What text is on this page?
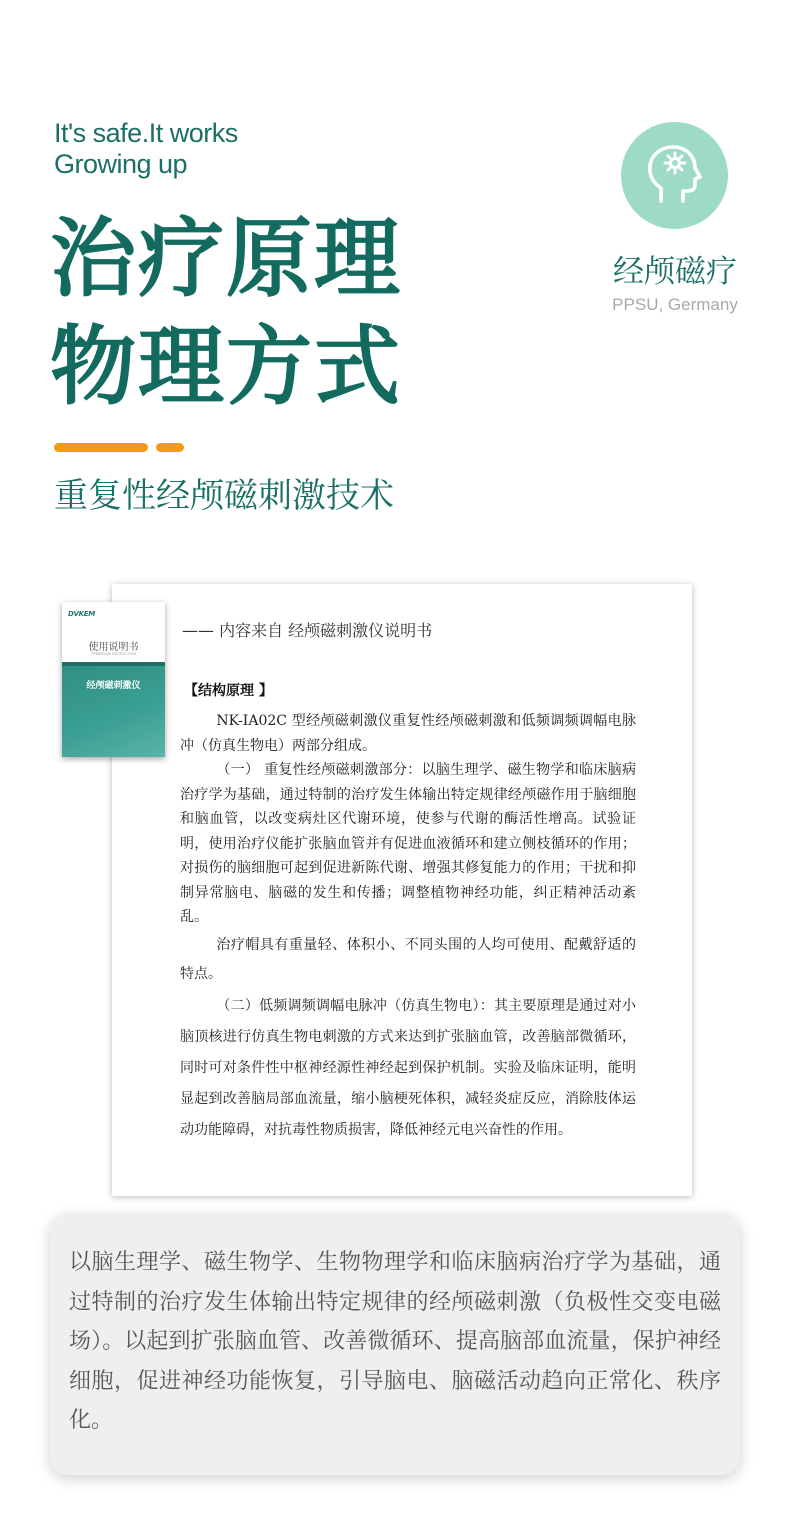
It's safe.It works
Growing up
治疗原理
物理方式
重复性经颅磁刺激技术
经颅磁疗
PPSU, Germany
—— 内容来自 经颅磁刺激仪说明书
【结构原理 】

NK-IA02C 型经颅磁刺激仪重复性经颅磁刺激和低频调频调幅电脉冲（仿真生物电）两部分组成。

（一） 重复性经颅磁刺激部分：以脑生理学、磁生物学和临床脑病治疗学为基础，通过特制的治疗发生体输出特定规律经颅磁作用于脑细胞和脑血管，以改变病灶区代谢环境，使参与代谢的酶活性增高。试验证明，使用治疗仪能扩张脑血管并有促进血液循环和建立侧枝循环的作用；对损伤的脑细胞可起到促进新陈代谢、增强其修复能力的作用；干扰和抑制异常脑电、脑磁的发生和传播；调整植物神经功能，纠正精神活动紊乱。

治疗帽具有重量轻、体积小、不同头围的人均可使用、配戴舒适的特点。

（二）低频调频调幅电脉冲（仿真生物电）：其主要原理是通过对小脑顶核进行仿真生物电刺激的方式来达到扩张脑血管，改善脑部微循环，同时可对条件性中枢神经源性神经起到保护机制。实验及临床证明，能明显起到改善脑局部血流量，缩小脑梗死体积，减轻炎症反应，消除肢体运动功能障碍，对抗毒性物质损害，降低神经元电兴奋性的作用。

DVKEM
使用说明书
OPERATION INSTRUCTION
经颅磁刺激仪
以脑生理学、磁生物学、生物物理学和临床脑病治疗学为基础，通过特制的治疗发生体输出特定规律的经颅磁刺激（负极性交变电磁场）。以起到扩张脑血管、改善微循环、提高脑部血流量，保护神经细胞，促进神经功能恢复，引导脑电、脑磁活动趋向正常化、秩序化。
